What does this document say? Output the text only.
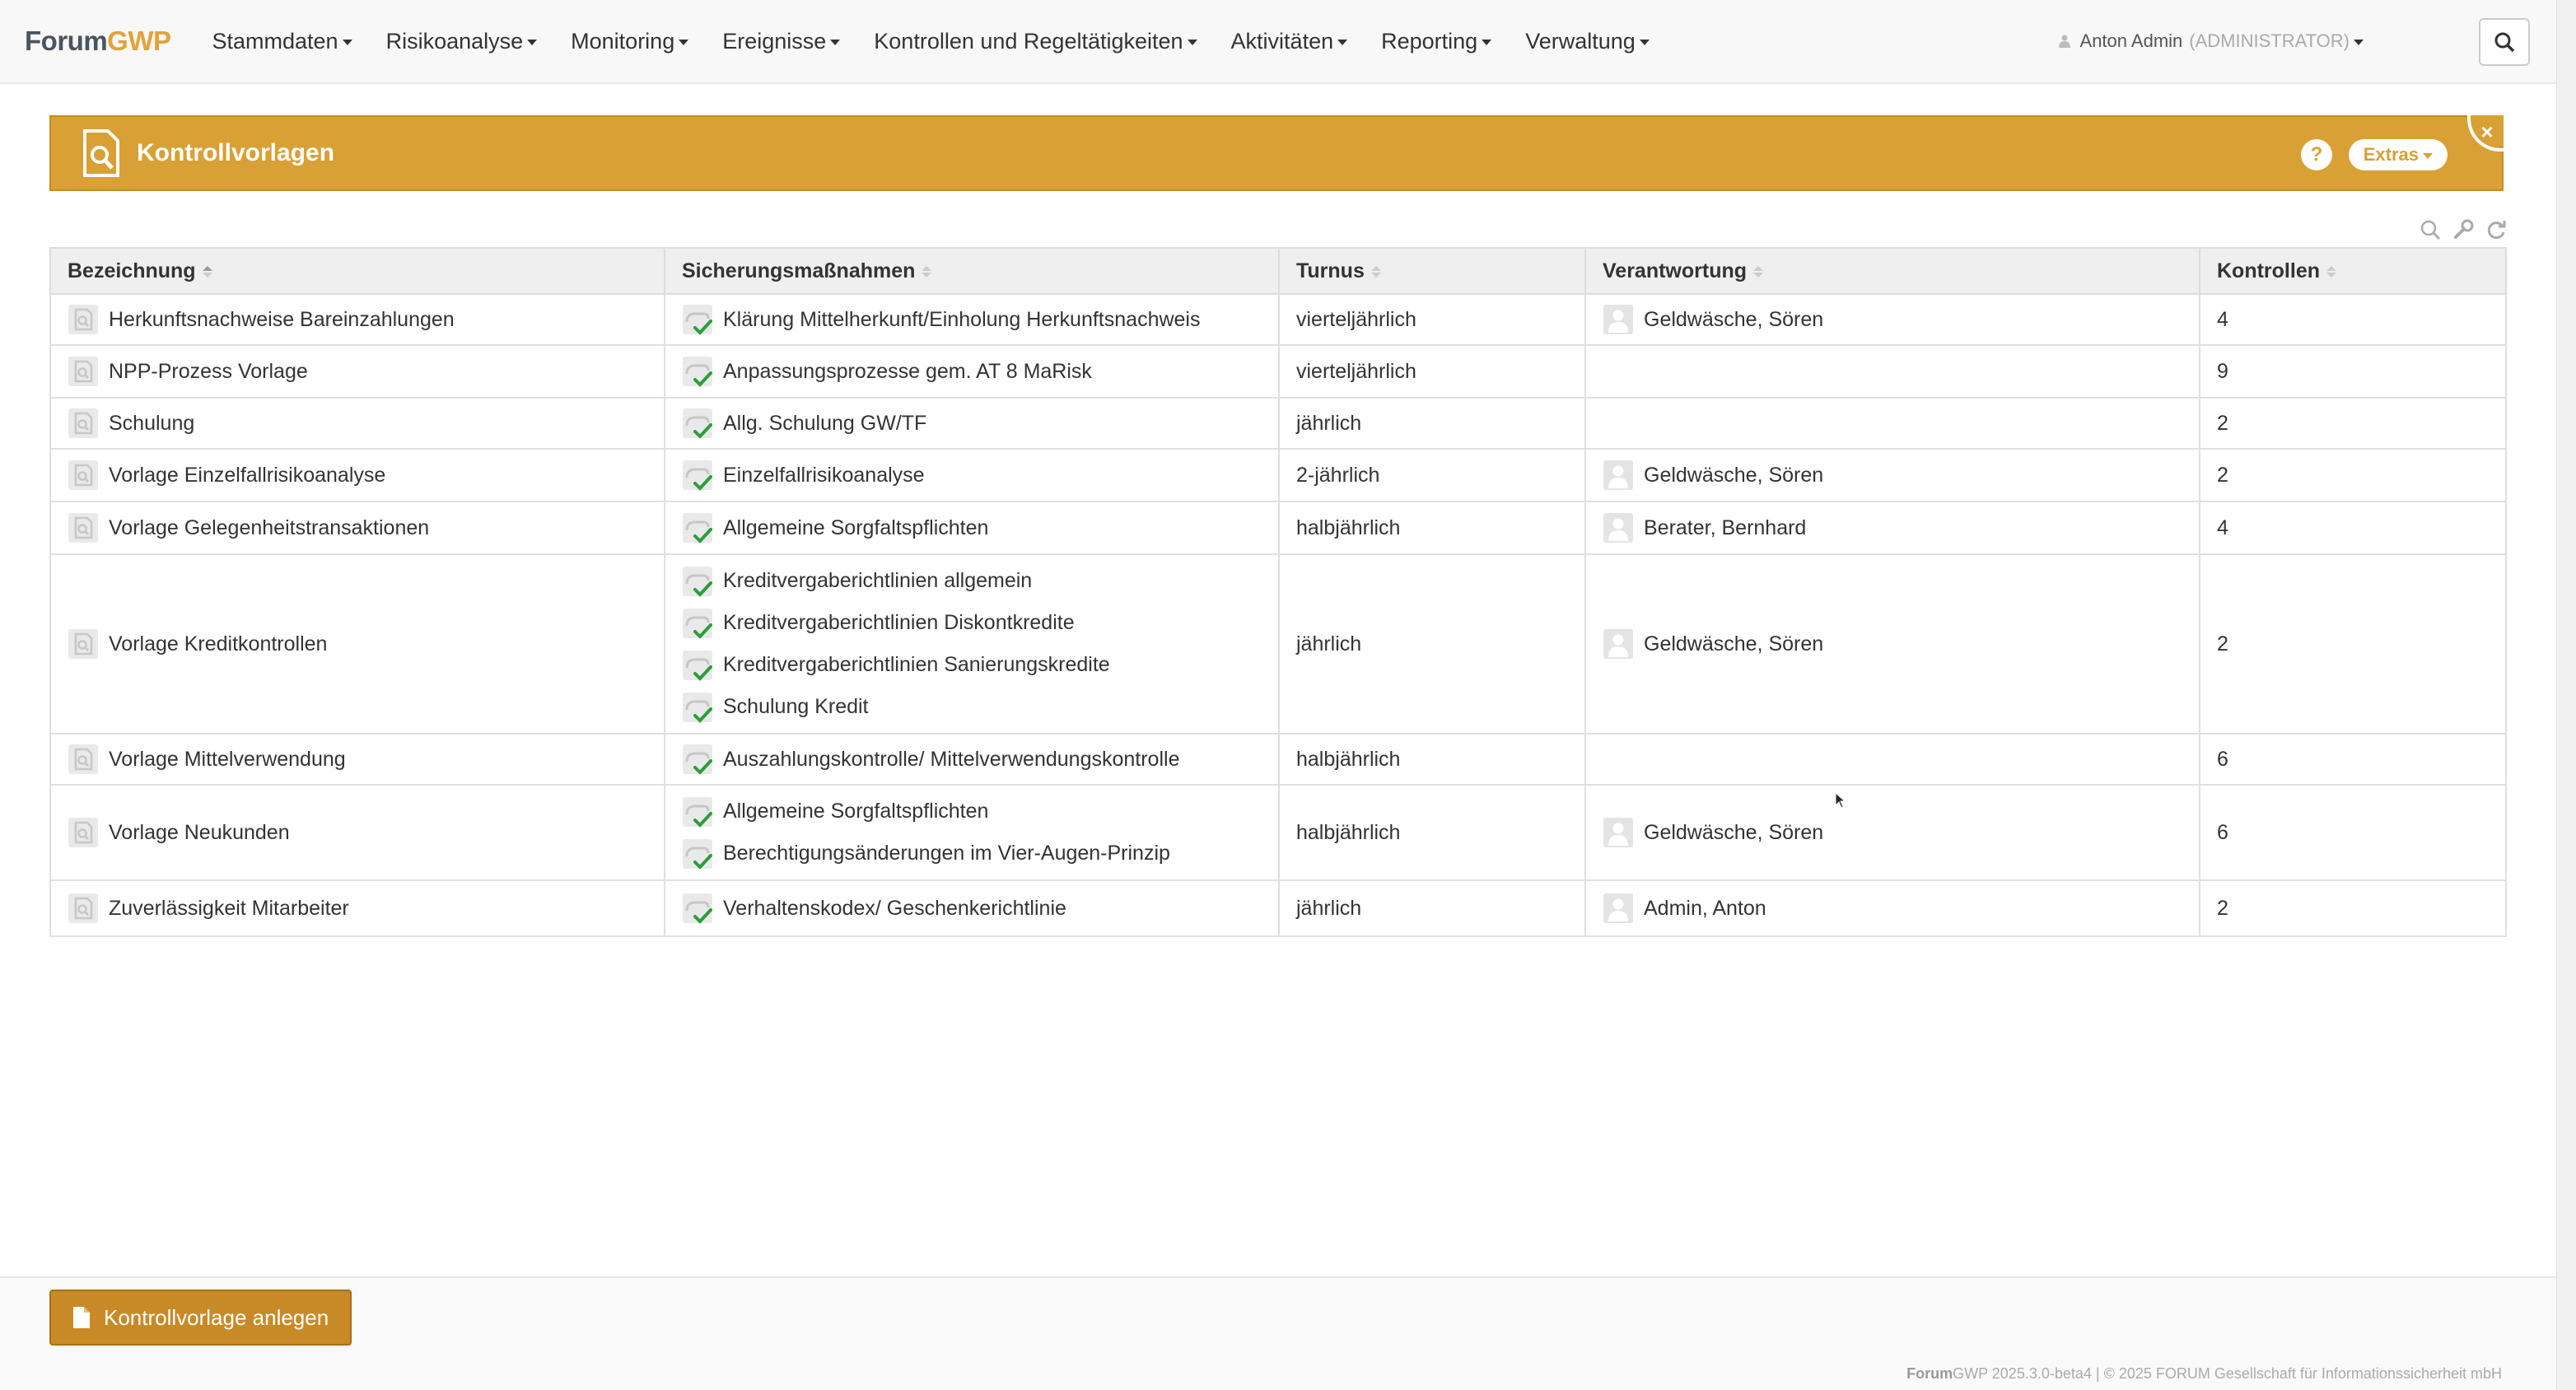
ForumGWP Stammdaten Risikoanalyse Monitoring Ereignisse Kontrollen und Regeltätigkeiten Aktivitäten Reporting Verwaltung	Anton Admin (ADMINISTRATOR)
Kontrollvorlagen	?	Extras
×
Bezeichnung	Sicherungsmaßnahmen	Turnus	Verantwortung	Kontrollen

Herkunftsnachweise Bareinzahlungen	Klärung Mittelherkunft/Einholung Herkunftsnachweis	vierteljährlich	Geldwäsche, Sören	4

NPP-Prozess Vorlage	Anpassungsprozesse gem. AT 8 MaRisk	vierteljährlich		9

Schulung	Allg. Schulung GW/TF	jährlich		2

Vorlage Einzelfallrisikoanalyse	Einzelfallrisikoanalyse	2-jährlich	Geldwäsche, Sören	2

Vorlage Gelegenheitstransaktionen	Allgemeine Sorgfaltspflichten	halbjährlich	Berater, Bernhard	4

Vorlage Kreditkontrollen	Kreditvergaberichtlinien allgemein
Kreditvergaberichtlinien Diskontkredite
Kreditvergaberichtlinien Sanierungskredite
Schulung Kredit	jährlich	Geldwäsche, Sören	2

Vorlage Mittelverwendung	Auszahlungskontrolle/ Mittelverwendungskontrolle	halbjährlich		6

Vorlage Neukunden	Allgemeine Sorgfaltspflichten
Berechtigungsänderungen im Vier-Augen-Prinzip	halbjährlich	Geldwäsche, Sören	6

Zuverlässigkeit Mitarbeiter	Verhaltenskodex/ Geschenkerichtlinie	jährlich	Admin, Anton	2
Kontrollvorlage anlegen
ForumGWP 2025.3.0-beta4 | © 2025 FORUM Gesellschaft für Informationssicherheit mbH
